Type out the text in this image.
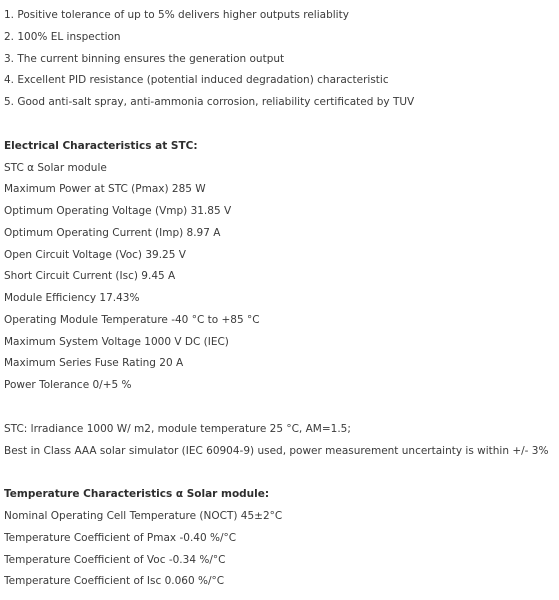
1. Positive tolerance of up to 5% delivers higher outputs reliablity
2. 100% EL inspection
3. The current binning ensures the generation output
4. Excellent PID resistance (potential induced degradation) characteristic
5. Good anti-salt spray, anti-ammonia corrosion, reliability certificated by TUV
Electrical Characteristics at STC:
STC α Solar module
Maximum Power at STC (Pmax) 285 W
Optimum Operating Voltage (Vmp) 31.85 V
Optimum Operating Current (Imp) 8.97 A
Open Circuit Voltage (Voc) 39.25 V
Short Circuit Current (Isc) 9.45 A
Module Efficiency 17.43%
Operating Module Temperature -40 °C to +85 °C
Maximum System Voltage 1000 V DC (IEC)
Maximum Series Fuse Rating 20 A
Power Tolerance 0/+5 %
STC: lrradiance 1000 W/ m2, module temperature 25 °C, AM=1.5;
Best in Class AAA solar simulator (IEC 60904-9) used, power measurement uncertainty is within +/- 3%
Temperature Characteristics α Solar module:
Nominal Operating Cell Temperature (NOCT) 45±2°C
Temperature Coefficient of Pmax -0.40 %/°C
Temperature Coefficient of Voc -0.34 %/°C
Temperature Coefficient of Isc 0.060 %/°C
